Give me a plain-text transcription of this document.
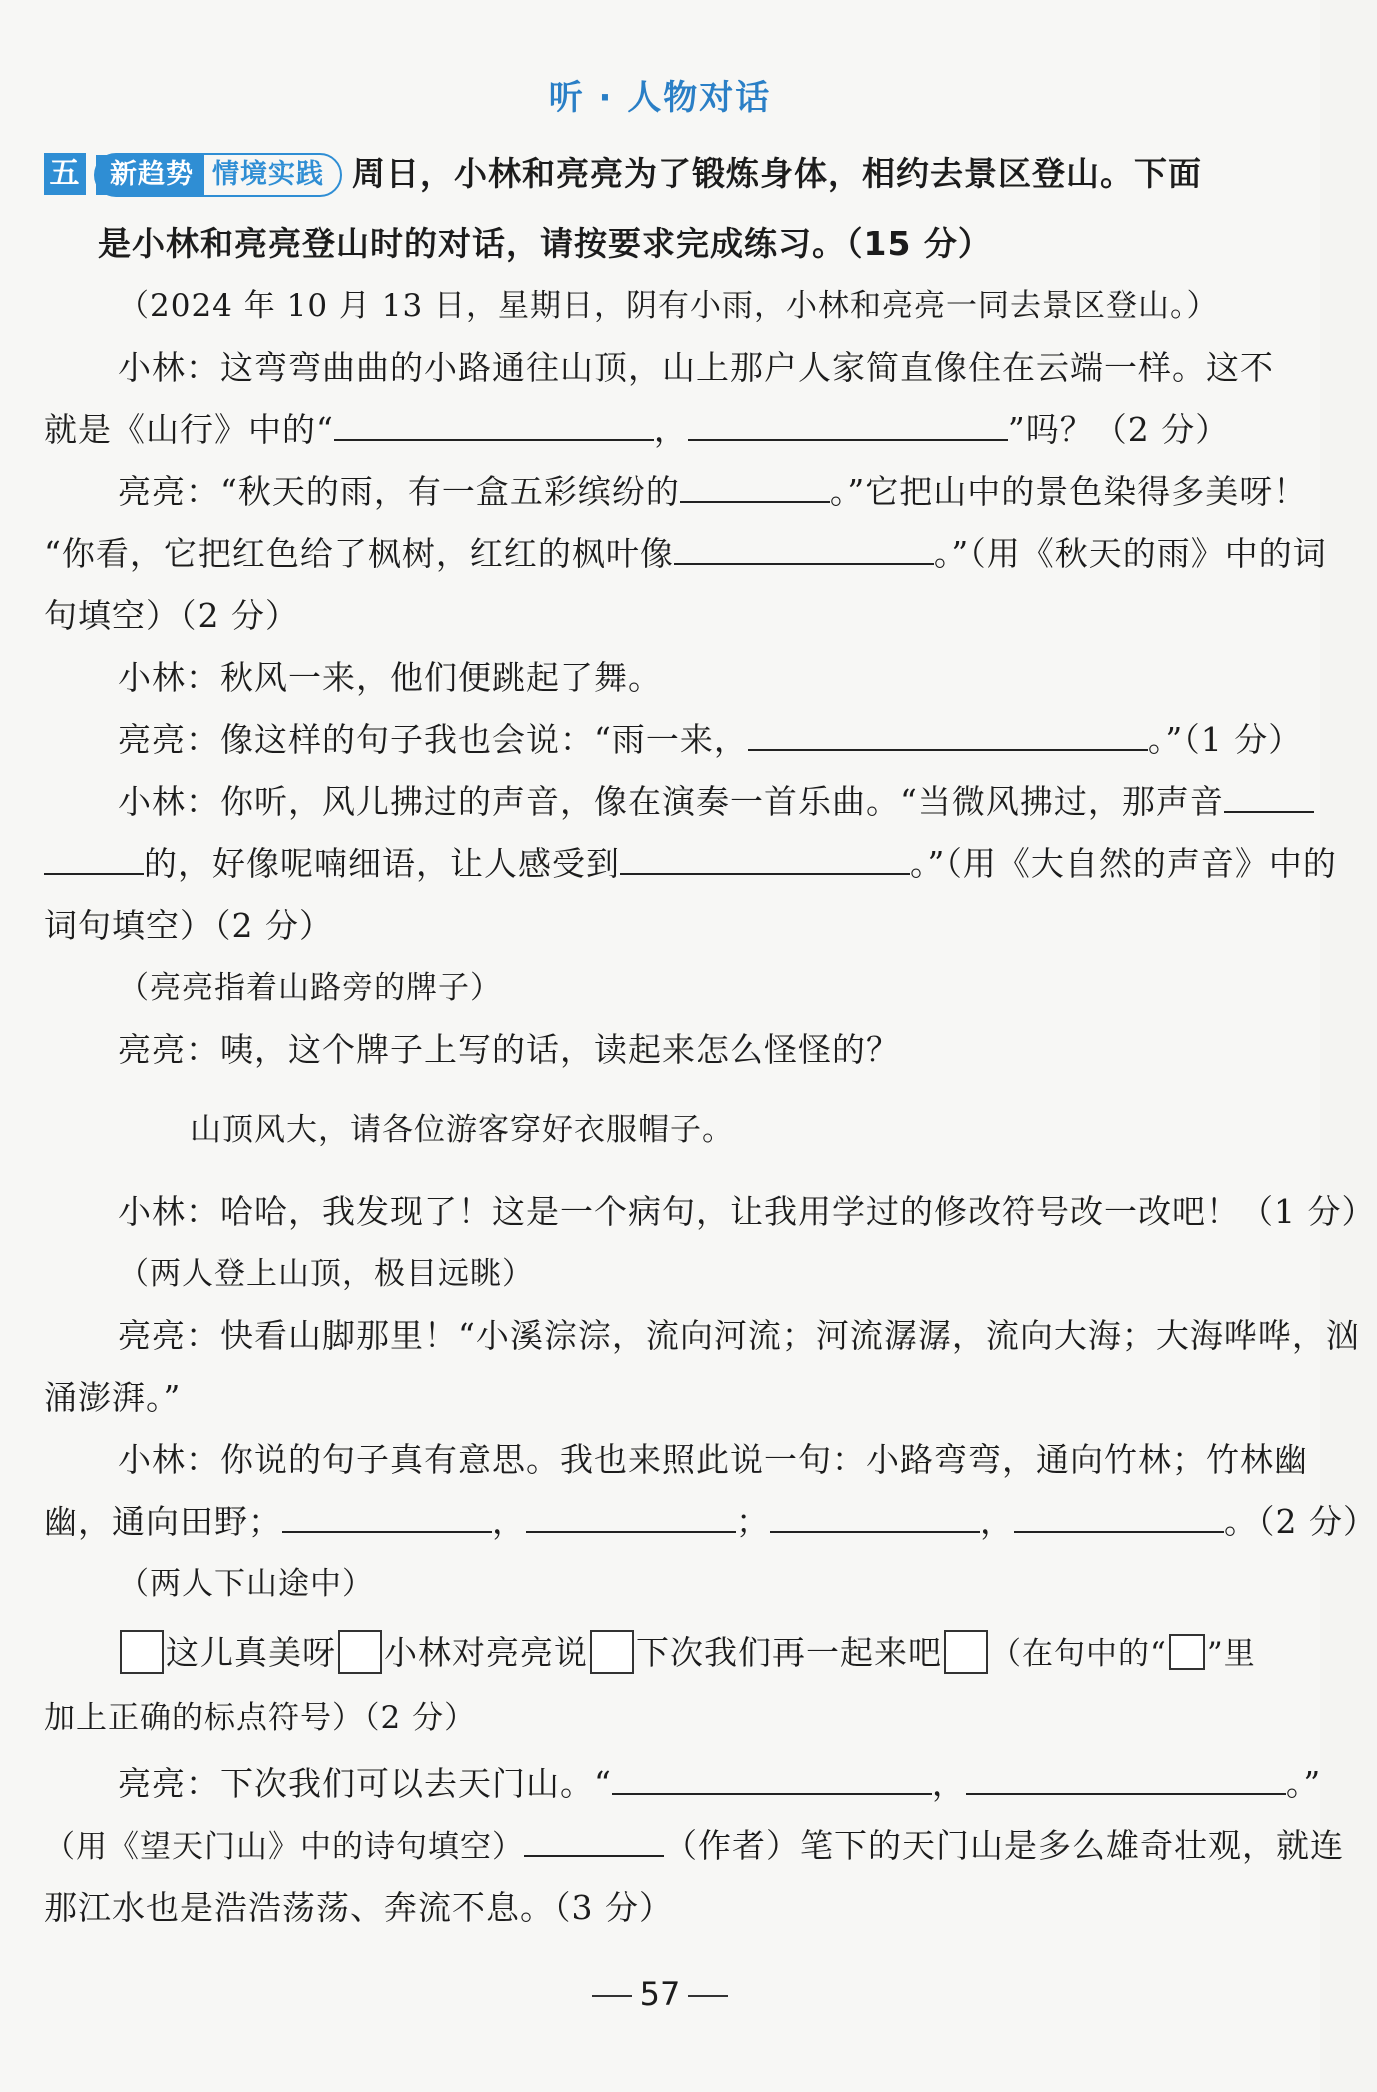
听 · 人物对话
五 新趋势 情境实践 周日，小林和亮亮为了锻炼身体，相约去景区登山。下面
是小林和亮亮登山时的对话，请按要求完成练习。（15 分）
（2024 年 10 月 13 日，星期日，阴有小雨，小林和亮亮一同去景区登山。）
小林：这弯弯曲曲的小路通往山顶，山上那户人家简直像住在云端一样。这不
就是《山行》中的“	，	”吗？（2 分）
亮亮：“秋天的雨，有一盒五彩缤纷的	。”它把山中的景色染得多美呀！
“你看，它把红色给了枫树，红红的枫叶像	。”（用《秋天的雨》中的词
句填空）（2 分）
小林：秋风一来，他们便跳起了舞。
亮亮：像这样的句子我也会说：“雨一来，	。”（1 分）
小林：你听，风儿拂过的声音，像在演奏一首乐曲。“当微风拂过，那声音
的，好像呢喃细语，让人感受到	。”（用《大自然的声音》中的
词句填空）（2 分）
（亮亮指着山路旁的牌子）
亮亮：咦，这个牌子上写的话，读起来怎么怪怪的？
山顶风大，请各位游客穿好衣服帽子。
小林：哈哈，我发现了！这是一个病句，让我用学过的修改符号改一改吧！（1 分）
（两人登上山顶，极目远眺）
亮亮：快看山脚那里！“小溪淙淙，流向河流；河流潺潺，流向大海；大海哗哗，汹
涌澎湃。”
小林：你说的句子真有意思。我也来照此说一句：小路弯弯，通向竹林；竹林幽
幽，通向田野；	，	；	，	。（2 分）
（两人下山途中）
这儿真美呀 小林对亮亮说 下次我们再一起来吧 （在句中的“ ”里
加上正确的标点符号）（2 分）
亮亮：下次我们可以去天门山。“	，	。”
（用《望天门山》中的诗句填空）	（作者）笔下的天门山是多么雄奇壮观，就连
那江水也是浩浩荡荡、奔流不息。（3 分）
57
